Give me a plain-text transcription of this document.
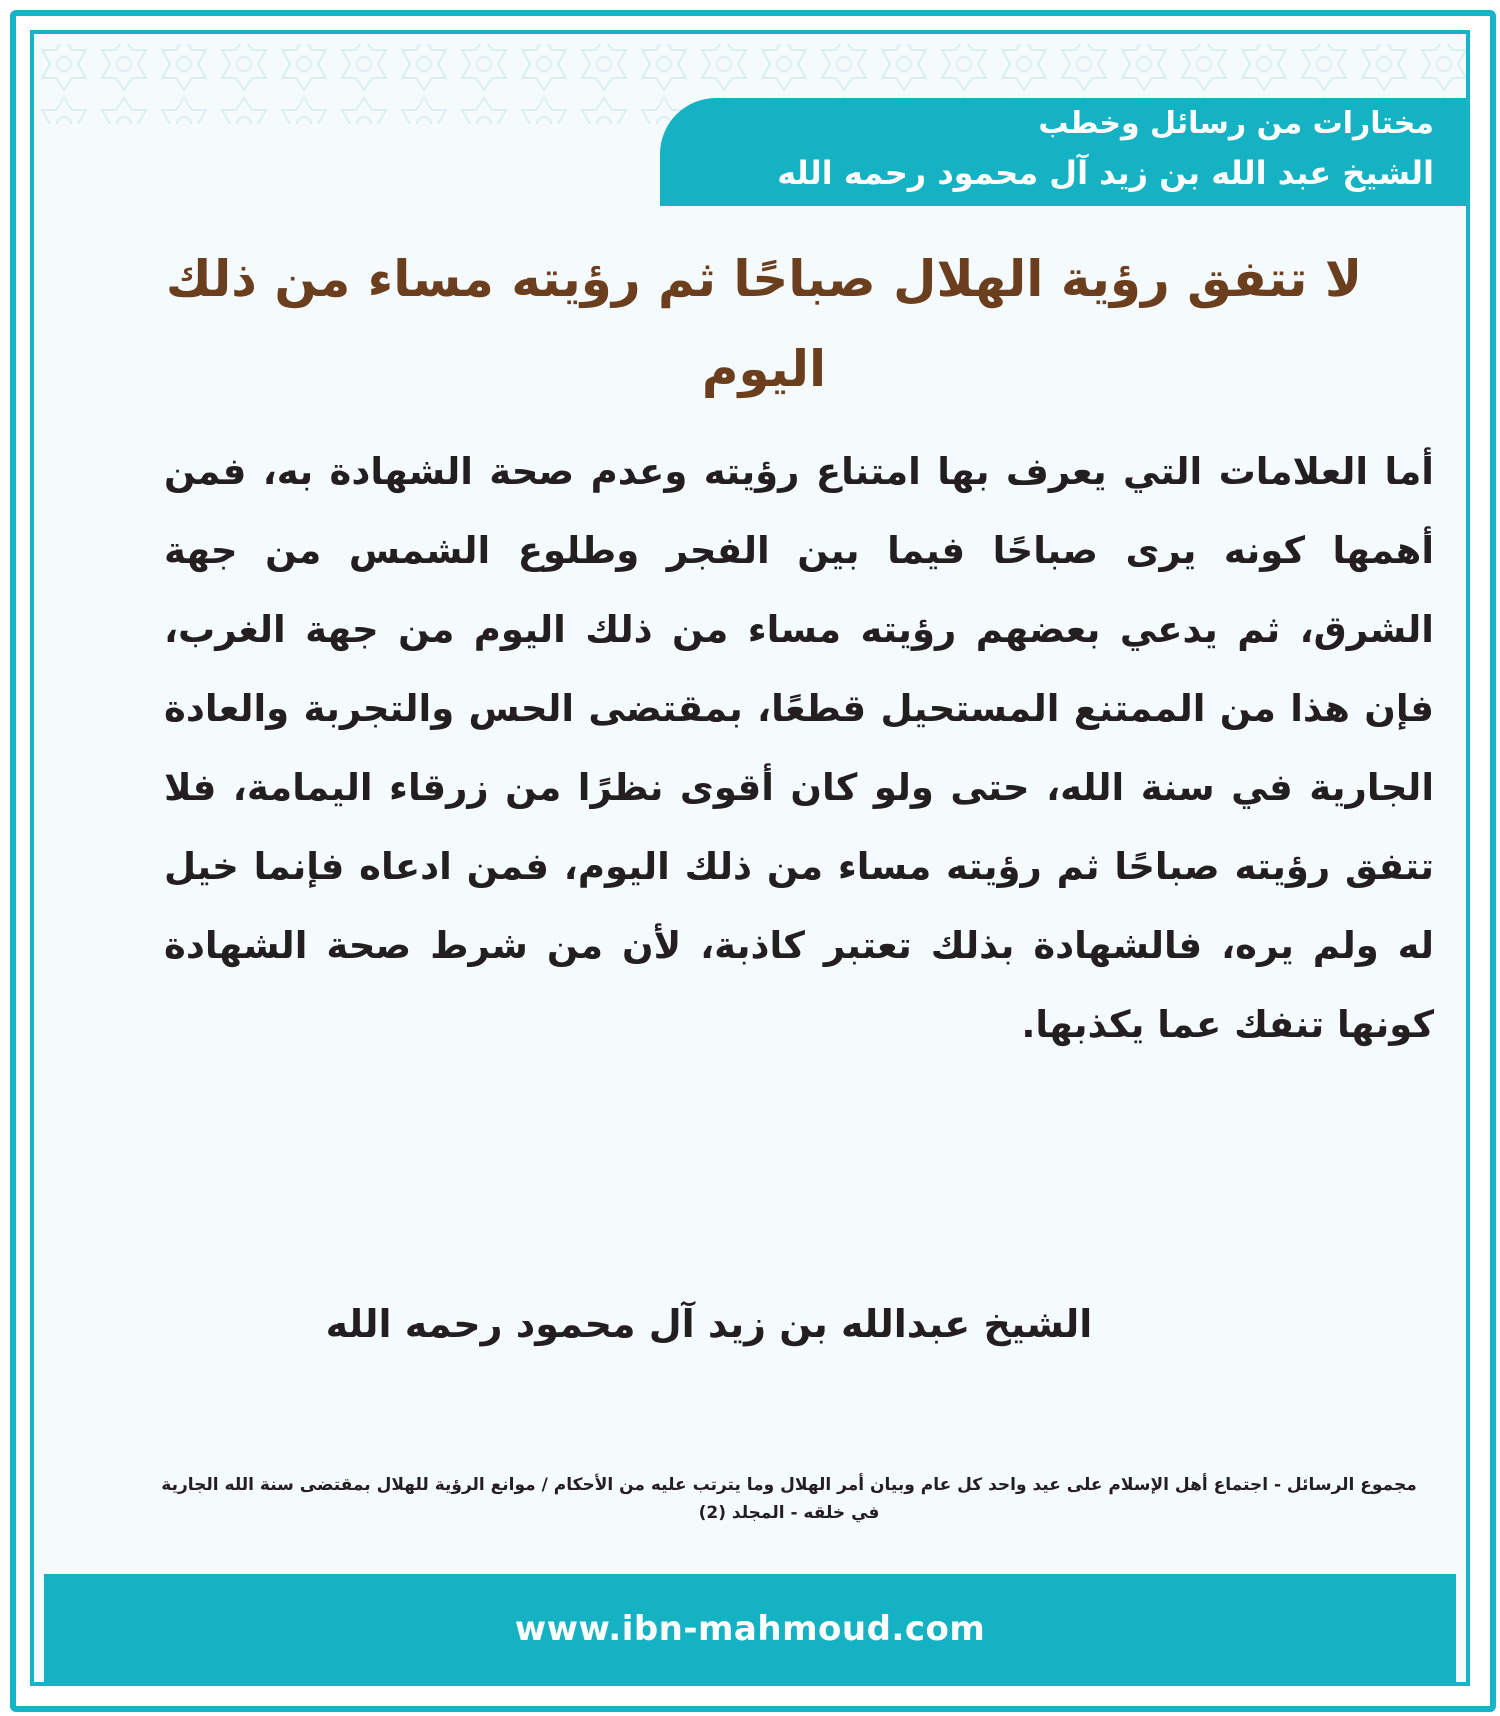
مختارات من رسائل وخطب
الشيخ عبد الله بن زيد آل محمود رحمه الله
لا تتفق رؤية الهلال صباحًا ثم رؤيته مساء من ذلك اليوم
أما العلامات التي يعرف بها امتناع رؤيته وعدم صحة الشهادة به، فمن أهمها كونه يرى صباحًا فيما بين الفجر وطلوع الشمس من جهة الشرق، ثم يدعي بعضهم رؤيته مساء من ذلك اليوم من جهة الغرب، فإن هذا من الممتنع المستحيل قطعًا، بمقتضى الحس والتجربة والعادة الجارية في سنة الله، حتى ولو كان أقوى نظرًا من زرقاء اليمامة، فلا تتفق رؤيته صباحًا ثم رؤيته مساء من ذلك اليوم، فمن ادعاه فإنما خيل له ولم يره، فالشهادة بذلك تعتبر كاذبة، لأن من شرط صحة الشهادة كونها تنفك عما يكذبها.
الشيخ عبدالله بن زيد آل محمود رحمه الله
مجموع الرسائل - اجتماع أهل الإسلام على عيد واحد كل عام وبيان أمر الهلال وما يترتب عليه من الأحكام / موانع الرؤية للهلال بمقتضى سنة الله الجارية في خلقه - المجلد (2)
www.ibn-mahmoud.com
